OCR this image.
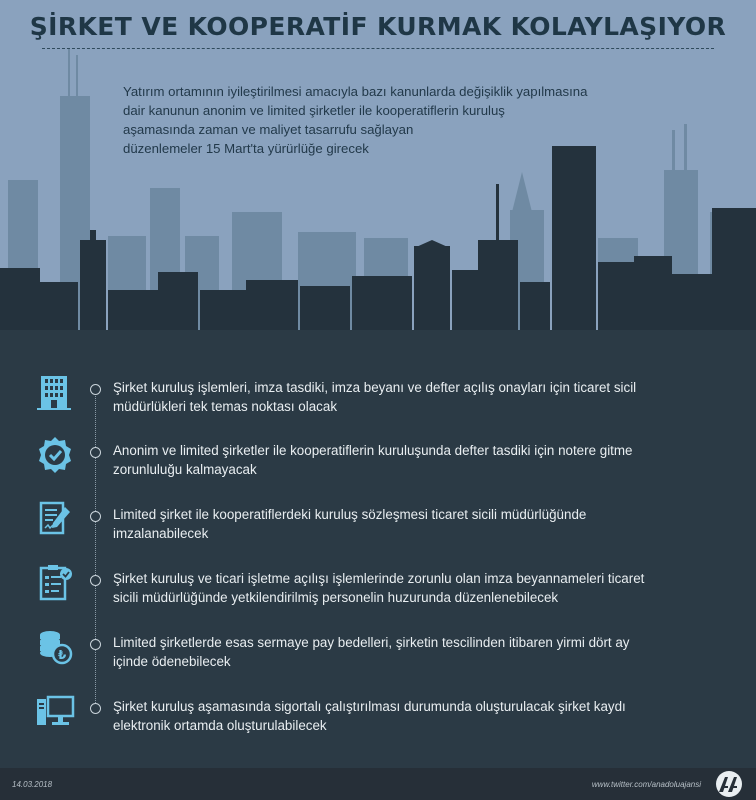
ŞİRKET VE KOOPERATİF KURMAK KOLAYLAŞIYOR
Yatırım ortamının iyileştirilmesi amacıyla bazı kanunlarda değişiklik yapılmasına
dair kanunun anonim ve limited şirketler ile kooperatiflerin kuruluş
aşamasında zaman ve maliyet tasarrufu sağlayan
düzenlemeler 15 Mart'ta yürürlüğe girecek
Şirket kuruluş işlemleri, imza tasdiki, imza beyanı ve defter açılış onayları için ticaret sicil
müdürlükleri tek temas noktası olacak
Anonim ve limited şirketler ile kooperatiflerin kuruluşunda defter tasdiki için notere gitme
zorunluluğu kalmayacak
Limited şirket ile kooperatiflerdeki kuruluş sözleşmesi ticaret sicili müdürlüğünde
imzalanabilecek
Şirket kuruluş ve ticari işletme açılışı işlemlerinde zorunlu olan imza beyannameleri ticaret
sicili müdürlüğünde yetkilendirilmiş personelin huzurunda düzenlenebilecek
₺
Limited şirketlerde esas sermaye pay bedelleri, şirketin tescilinden itibaren yirmi dört ay
içinde ödenebilecek
Şirket kuruluş aşamasında sigortalı çalıştırılması durumunda oluşturulacak şirket kaydı
elektronik ortamda oluşturulabilecek
14.03.2018	www.twitter.com/anadoluajansi
